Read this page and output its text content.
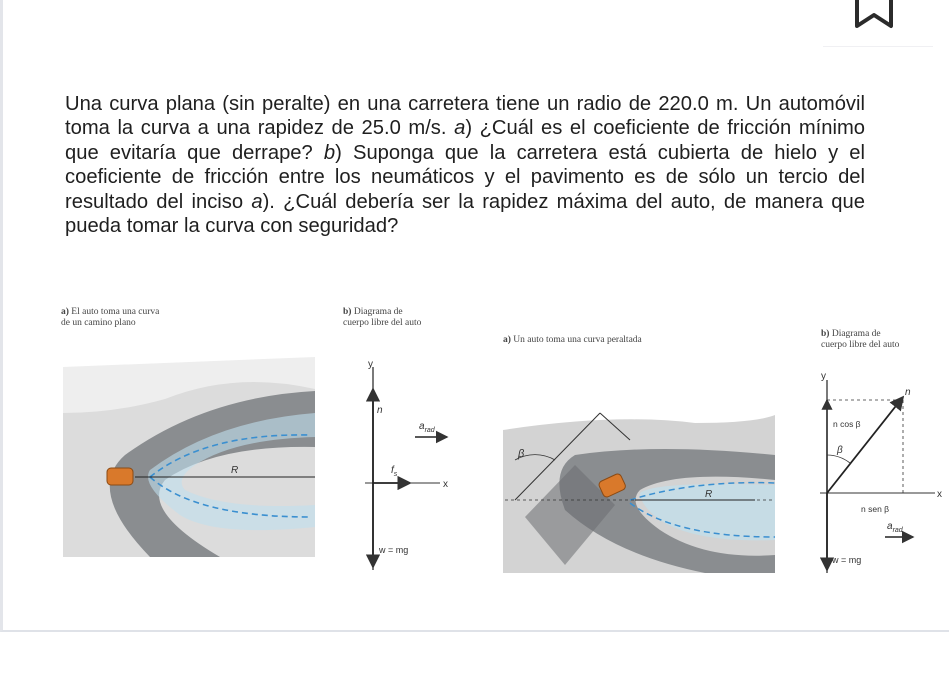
Una curva plana (sin peralte) en una carretera tiene un radio de 220.0 m. Un automóvil toma la curva a una rapidez de 25.0 m/s. a) ¿Cuál es el coeficiente de fricción mínimo que evitaría que derrape? b) Suponga que la carretera está cubierta de hielo y el coeficiente de fricción entre los neumáticos y el pavimento es de sólo un tercio del resultado del inciso a). ¿Cuál debería ser la rapidez máxima del auto, de manera que pueda tomar la curva con seguridad?

a) El auto toma una curva
de un camino plano
b) Diagrama de
cuerpo libre del auto
a) Un auto toma una curva peraltada
b) Diagrama de
cuerpo libre del auto
R
y
x
n
$f_s$
$a_{rad}$
w = mg
β
R
y
x
n
n cos β
n sen β
β
$a_{rad}$
w = mg
